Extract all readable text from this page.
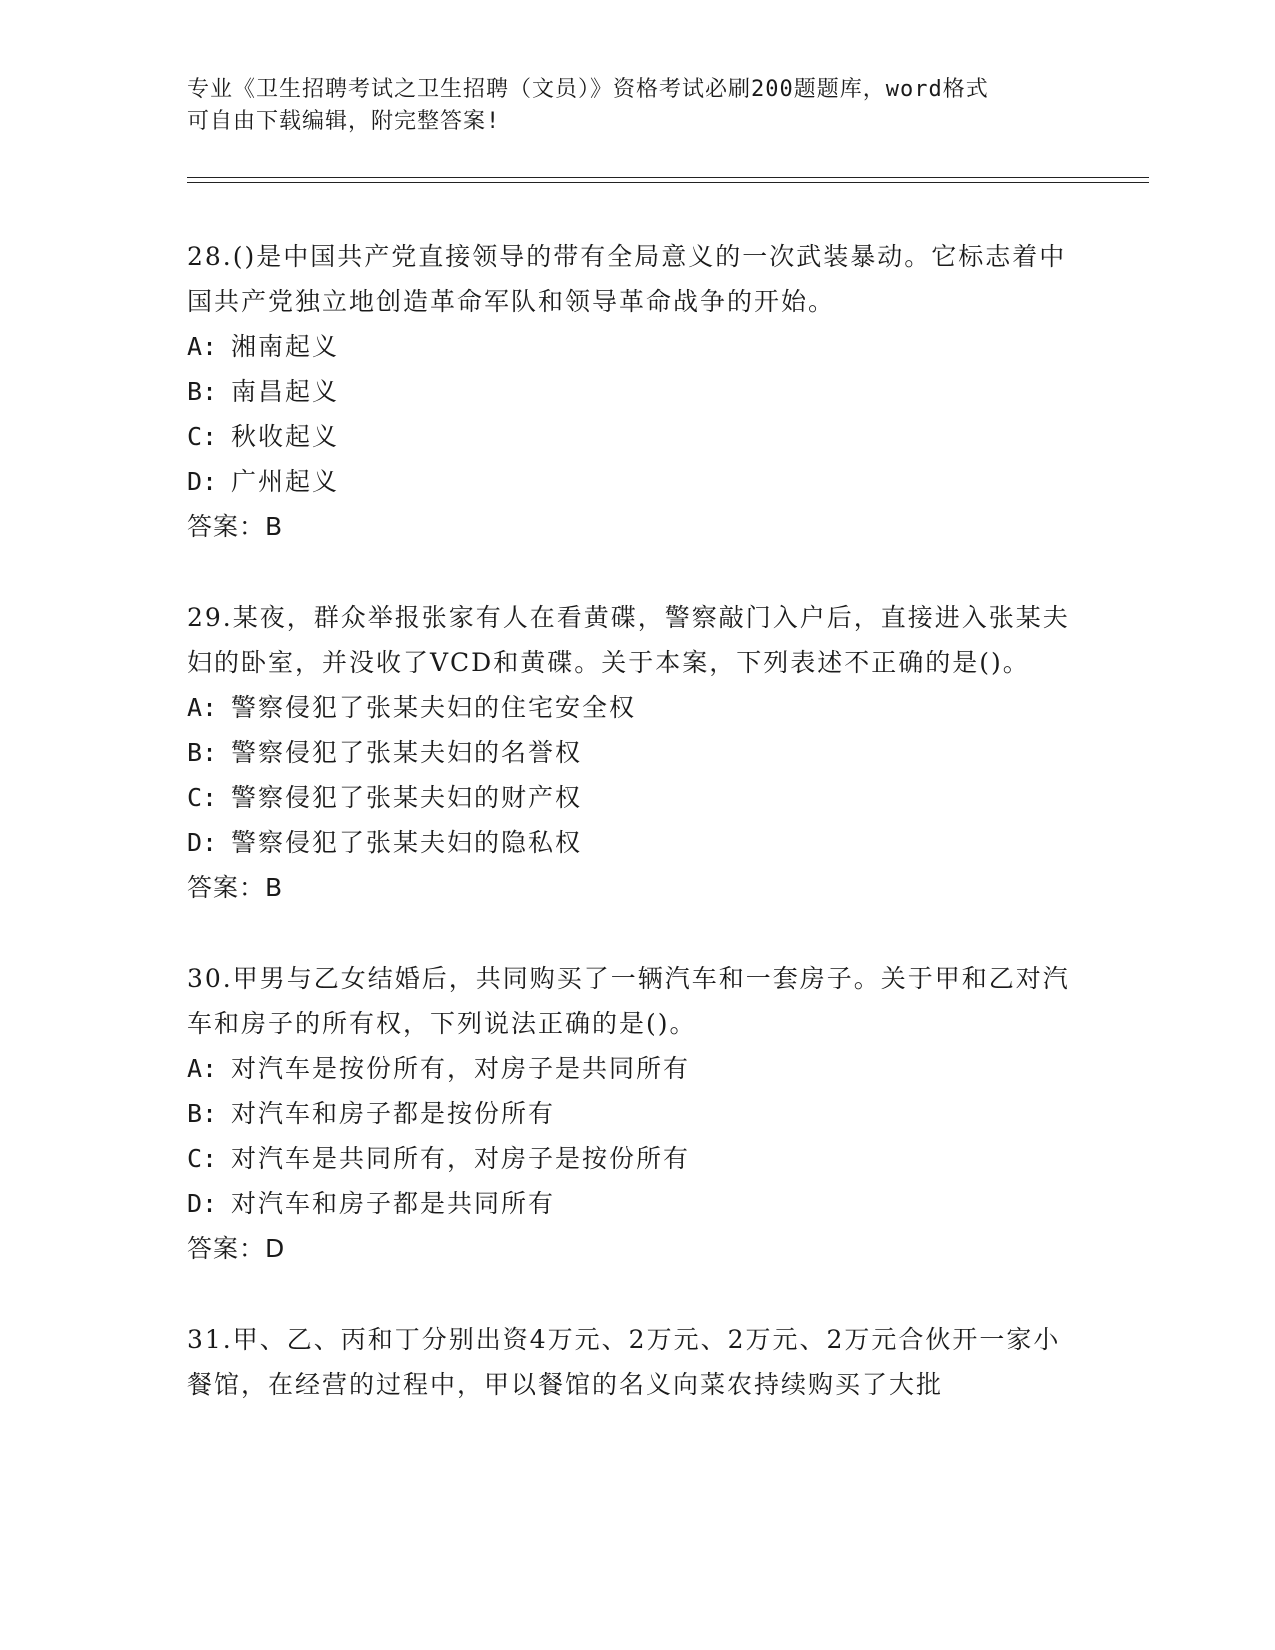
专业《卫生招聘考试之卫生招聘（文员）》资格考试必刷200题题库，word格式
可自由下载编辑，附完整答案!
28.()是中国共产党直接领导的带有全局意义的一次武装暴动。它标志着中国共产党独立地创造革命军队和领导革命战争的开始。
A: 湘南起义
B: 南昌起义
C: 秋收起义
D: 广州起义
答案：B
29.某夜，群众举报张家有人在看黄碟，警察敲门入户后，直接进入张某夫妇的卧室，并没收了VCD和黄碟。关于本案，下列表述不正确的是()。
A: 警察侵犯了张某夫妇的住宅安全权
B: 警察侵犯了张某夫妇的名誉权
C: 警察侵犯了张某夫妇的财产权
D: 警察侵犯了张某夫妇的隐私权
答案：B
30.甲男与乙女结婚后，共同购买了一辆汽车和一套房子。关于甲和乙对汽车和房子的所有权，下列说法正确的是()。
A: 对汽车是按份所有，对房子是共同所有
B: 对汽车和房子都是按份所有
C: 对汽车是共同所有，对房子是按份所有
D: 对汽车和房子都是共同所有
答案：D
31.甲、乙、丙和丁分别出资4万元、2万元、2万元、2万元合伙开一家小餐馆，在经营的过程中，甲以餐馆的名义向菜农持续购买了大批
